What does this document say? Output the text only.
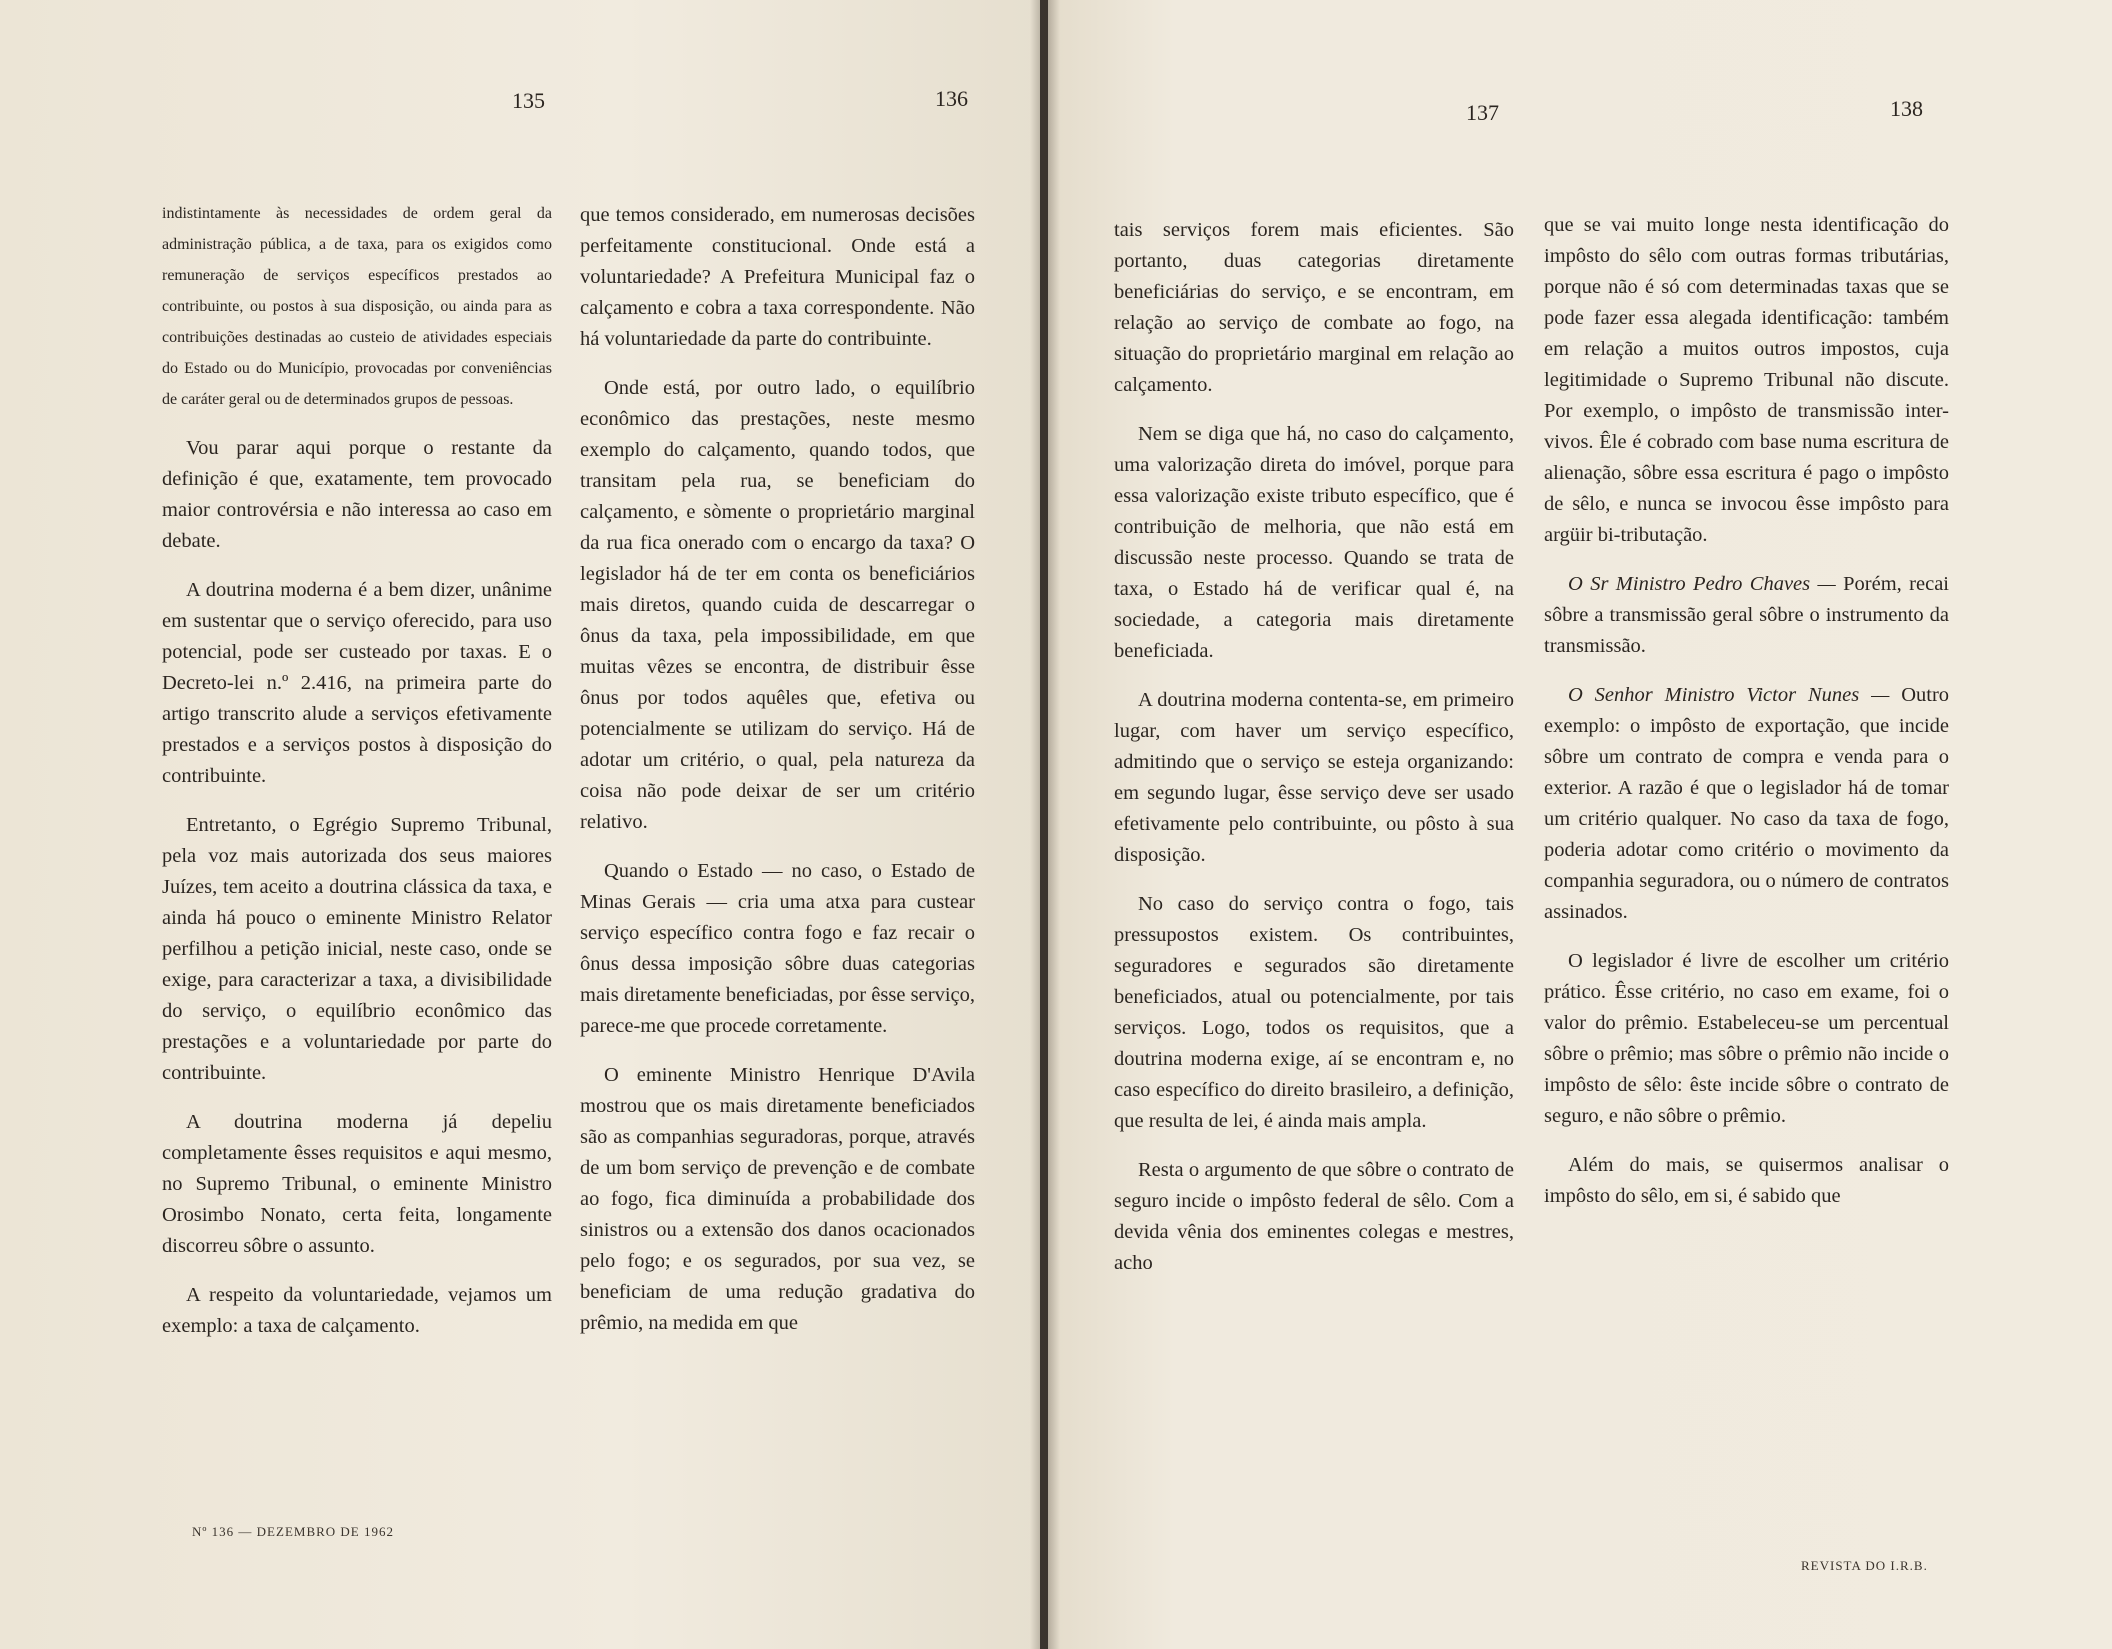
135	136

indistintamente às necessidades de ordem geral da administração pública, a de taxa, para os exigidos como remuneração de serviços específicos prestados ao contribuinte, ou postos à sua disposição, ou ainda para as contribuições destinadas ao custeio de atividades especiais do Estado ou do Município, provocadas por conveniências de caráter geral ou de determinados grupos de pessoas.

Vou parar aqui porque o restante da definição é que, exatamente, tem provocado maior controvérsia e não interessa ao caso em debate.

A doutrina moderna é a bem dizer, unânime em sustentar que o serviço oferecido, para uso potencial, pode ser custeado por taxas. E o Decreto-lei n.º 2.416, na primeira parte do artigo transcrito alude a serviços efetivamente prestados e a serviços postos à disposição do contribuinte.

Entretanto, o Egrégio Supremo Tribunal, pela voz mais autorizada dos seus maiores Juízes, tem aceito a doutrina clássica da taxa, e ainda há pouco o eminente Ministro Relator perfilhou a petição inicial, neste caso, onde se exige, para caracterizar a taxa, a divisibilidade do serviço, o equilíbrio econômico das prestações e a voluntariedade por parte do contribuinte.

A doutrina moderna já depeliu completamente êsses requisitos e aqui mesmo, no Supremo Tribunal, o eminente Ministro Orosimbo Nonato, certa feita, longamente discorreu sôbre o assunto.

A respeito da voluntariedade, vejamos um exemplo: a taxa de calçamento.

que temos considerado, em numerosas decisões perfeitamente constitucional. Onde está a voluntariedade? A Prefeitura Municipal faz o calçamento e cobra a taxa correspondente. Não há voluntariedade da parte do contribuinte.

Onde está, por outro lado, o equilíbrio econômico das prestações, neste mesmo exemplo do calçamento, quando todos, que transitam pela rua, se beneficiam do calçamento, e sòmente o proprietário marginal da rua fica onerado com o encargo da taxa? O legislador há de ter em conta os beneficiários mais diretos, quando cuida de descarregar o ônus da taxa, pela impossibilidade, em que muitas vêzes se encontra, de distribuir êsse ônus por todos aquêles que, efetiva ou potencialmente se utilizam do serviço. Há de adotar um critério, o qual, pela natureza da coisa não pode deixar de ser um critério relativo.

Quando o Estado — no caso, o Estado de Minas Gerais — cria uma atxa para custear serviço específico contra fogo e faz recair o ônus dessa imposição sôbre duas categorias mais diretamente beneficiadas, por êsse serviço, parece-me que procede corretamente.

O eminente Ministro Henrique D'Avila mostrou que os mais diretamente beneficiados são as companhias seguradoras, porque, através de um bom serviço de prevenção e de combate ao fogo, fica diminuída a probabilidade dos sinistros ou a extensão dos danos ocacionados pelo fogo; e os segurados, por sua vez, se beneficiam de uma redução gradativa do prêmio, na medida em que

Nº 136 — DEZEMBRO DE 1962
137	138

tais serviços forem mais eficientes. São portanto, duas categorias diretamente beneficiárias do serviço, e se encontram, em relação ao serviço de combate ao fogo, na situação do proprietário marginal em relação ao calçamento.

Nem se diga que há, no caso do calçamento, uma valorização direta do imóvel, porque para essa valorização existe tributo específico, que é contribuição de melhoria, que não está em discussão neste processo. Quando se trata de taxa, o Estado há de verificar qual é, na sociedade, a categoria mais diretamente beneficiada.

A doutrina moderna contenta-se, em primeiro lugar, com haver um serviço específico, admitindo que o serviço se esteja organizando: em segundo lugar, êsse serviço deve ser usado efetivamente pelo contribuinte, ou pôsto à sua disposição.

No caso do serviço contra o fogo, tais pressupostos existem. Os contribuintes, seguradores e segurados são diretamente beneficiados, atual ou potencialmente, por tais serviços. Logo, todos os requisitos, que a doutrina moderna exige, aí se encontram e, no caso específico do direito brasileiro, a definição, que resulta de lei, é ainda mais ampla.

Resta o argumento de que sôbre o contrato de seguro incide o impôsto federal de sêlo. Com a devida vênia dos eminentes colegas e mestres, acho

que se vai muito longe nesta identificação do impôsto do sêlo com outras formas tributárias, porque não é só com determinadas taxas que se pode fazer essa alegada identificação: também em relação a muitos outros impostos, cuja legitimidade o Supremo Tribunal não discute. Por exemplo, o impôsto de transmissão inter-vivos. Êle é cobrado com base numa escritura de alienação, sôbre essa escritura é pago o impôsto de sêlo, e nunca se invocou êsse impôsto para argüir bi-tributação.

O Sr Ministro Pedro Chaves — Porém, recai sôbre a transmissão geral sôbre o instrumento da transmissão.

O Senhor Ministro Victor Nunes — Outro exemplo: o impôsto de exportação, que incide sôbre um contrato de compra e venda para o exterior. A razão é que o legislador há de tomar um critério qualquer. No caso da taxa de fogo, poderia adotar como critério o movimento da companhia seguradora, ou o número de contratos assinados.

O legislador é livre de escolher um critério prático. Êsse critério, no caso em exame, foi o valor do prêmio. Estabeleceu-se um percentual sôbre o prêmio; mas sôbre o prêmio não incide o impôsto de sêlo: êste incide sôbre o contrato de seguro, e não sôbre o prêmio.

Além do mais, se quisermos analisar o impôsto do sêlo, em si, é sabido que

REVISTA DO I.R.B.
